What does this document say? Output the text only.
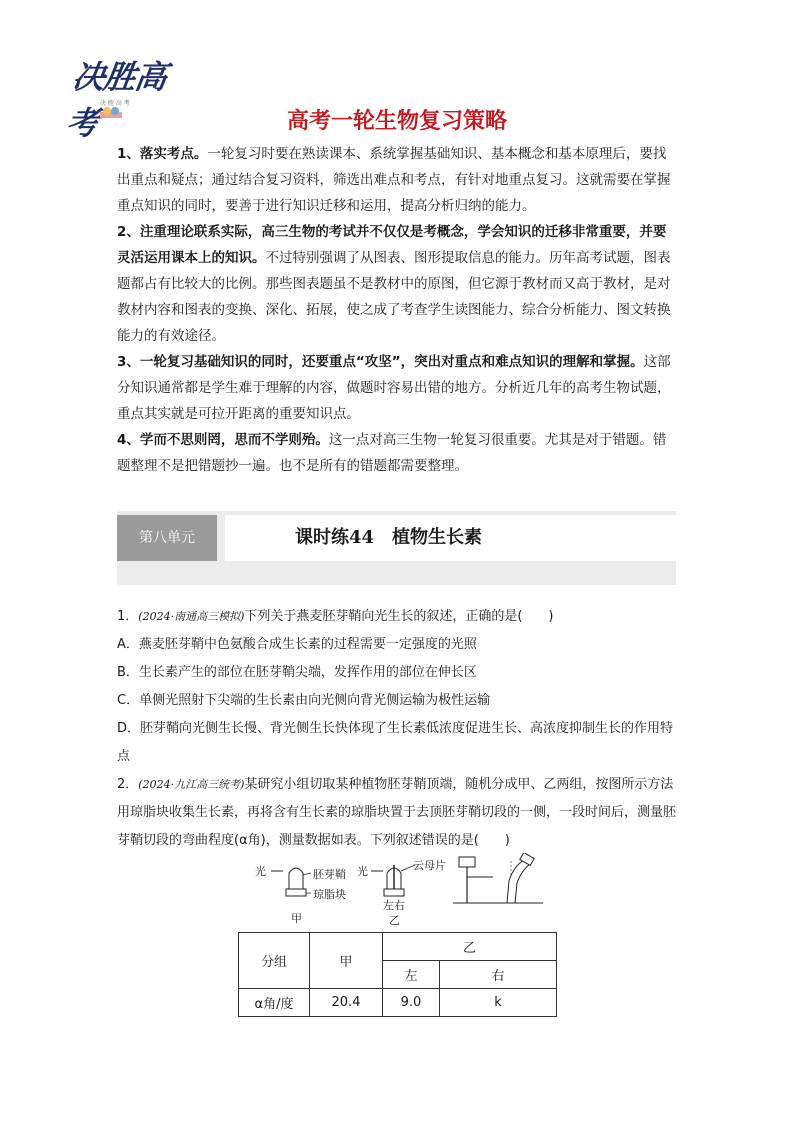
决胜高考
决 胜 高 考
高考一轮生物复习策略

1、落实考点。一轮复习时要在熟读课本、系统掌握基础知识、基本概念和基本原理后，要找出重点和疑点；通过结合复习资料，筛选出难点和考点，有针对地重点复习。这就需要在掌握重点知识的同时，要善于进行知识迁移和运用，提高分析归纳的能力。

2、注重理论联系实际，高三生物的考试并不仅仅是考概念，学会知识的迁移非常重要，并要灵活运用课本上的知识。不过特别强调了从图表、图形提取信息的能力。历年高考试题，图表题都占有比较大的比例。那些图表题虽不是教材中的原图，但它源于教材而又高于教材，是对教材内容和图表的变换、深化、拓展，使之成了考查学生读图能力、综合分析能力、图文转换能力的有效途径。

3、一轮复习基础知识的同时，还要重点“攻坚”，突出对重点和难点知识的理解和掌握。这部分知识通常都是学生难于理解的内容，做题时容易出错的地方。分析近几年的高考生物试题，重点其实就是可拉开距离的重要知识点。

4、学而不思则罔，思而不学则殆。这一点对高三生物一轮复习很重要。尤其是对于错题。错题整理不是把错题抄一遍。也不是所有的错题都需要整理。

第八单元	课时练44　植物生长素

1．(2024·南通高三模拟)下列关于燕麦胚芽鞘向光生长的叙述，正确的是(　　)

A．燕麦胚芽鞘中色氨酸合成生长素的过程需要一定强度的光照

B．生长素产生的部位在胚芽鞘尖端，发挥作用的部位在伸长区

C．单侧光照射下尖端的生长素由向光侧向背光侧运输为极性运输

D．胚芽鞘向光侧生长慢、背光侧生长快体现了生长素低浓度促进生长、高浓度抑制生长的作用特点

2．(2024·九江高三统考)某研究小组切取某种植物胚芽鞘顶端，随机分成甲、乙两组，按图所示方法用琼脂块收集生长素，再将含有生长素的琼脂块置于去顶胚芽鞘切段的一侧，一段时间后，测量胚芽鞘切段的弯曲程度(α角)，测量数据如表。下列叙述错误的是(　　)

光	胚芽鞘
琼脂块
甲
光	云母片
左右
乙
分组	甲	乙	
		左	右
α角/度	20.4	9.0	k
